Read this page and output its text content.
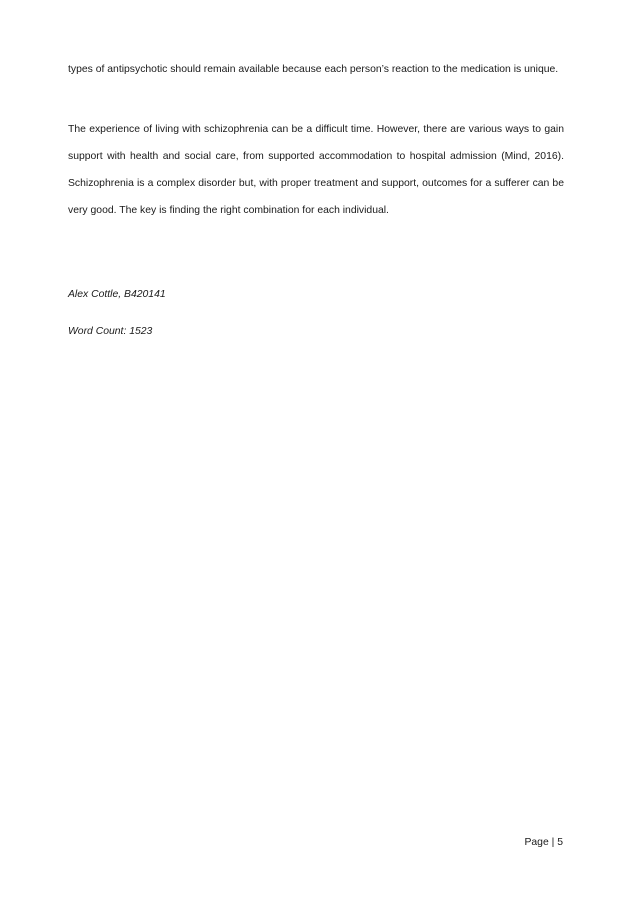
types of antipsychotic should remain available because each person’s reaction to the medication is unique.

The experience of living with schizophrenia can be a difficult time. However, there are various ways to gain support with health and social care, from supported accommodation to hospital admission (Mind, 2016). Schizophrenia is a complex disorder but, with proper treatment and support, outcomes for a sufferer can be very good. The key is finding the right combination for each individual.

Alex Cottle, B420141

Word Count: 1523

Page | 5
